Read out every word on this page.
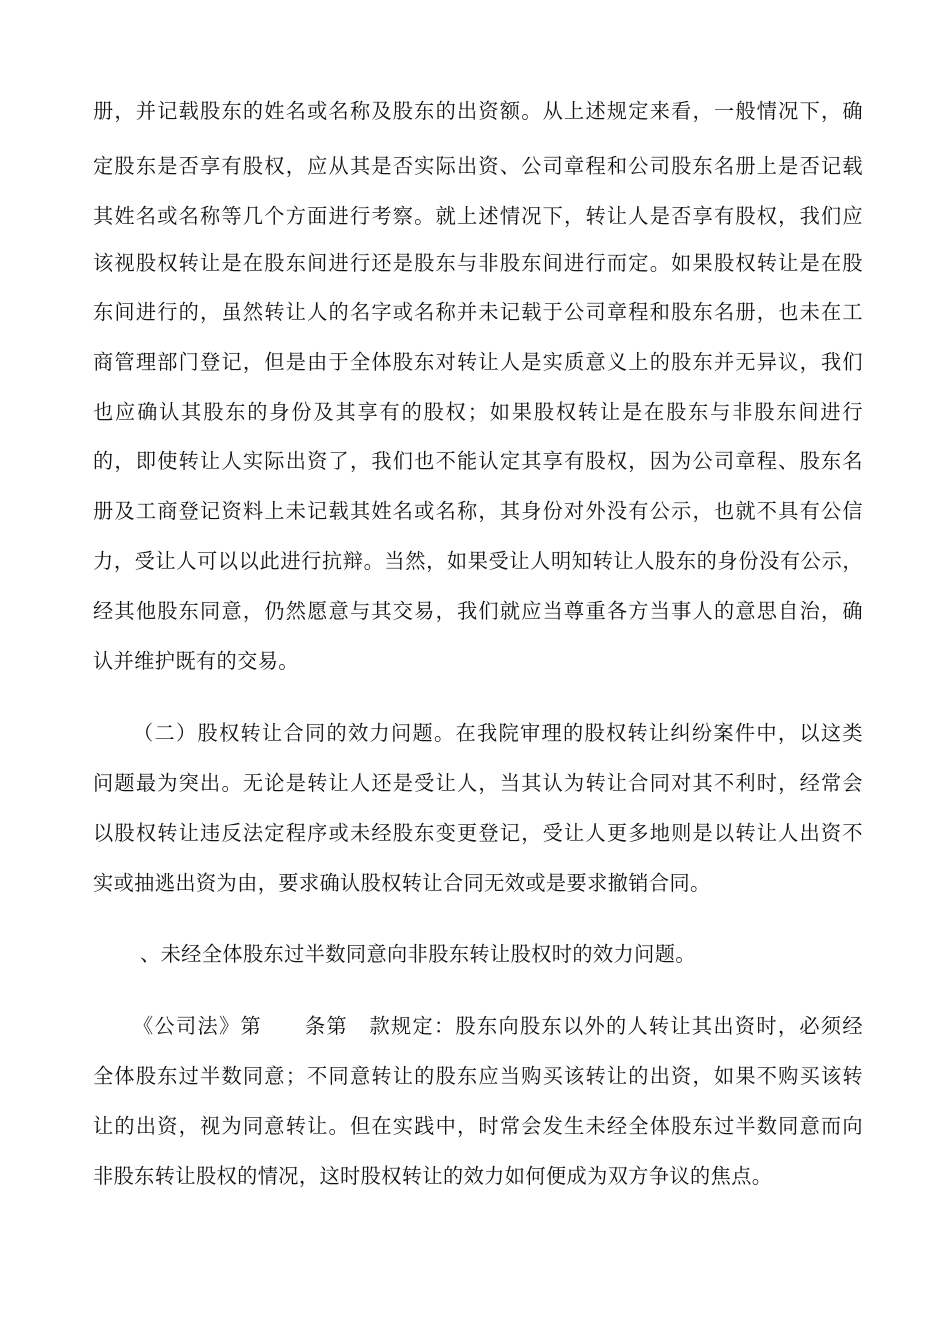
册，并记载股东的姓名或名称及股东的出资额。从上述规定来看，一般情况下，确
定股东是否享有股权，应从其是否实际出资、公司章程和公司股东名册上是否记载
其姓名或名称等几个方面进行考察。就上述情况下，转让人是否享有股权，我们应
该视股权转让是在股东间进行还是股东与非股东间进行而定。如果股权转让是在股
东间进行的，虽然转让人的名字或名称并未记载于公司章程和股东名册，也未在工
商管理部门登记，但是由于全体股东对转让人是实质意义上的股东并无异议，我们
也应确认其股东的身份及其享有的股权；如果股权转让是在股东与非股东间进行
的，即使转让人实际出资了，我们也不能认定其享有股权，因为公司章程、股东名
册及工商登记资料上未记载其姓名或名称，其身份对外没有公示，也就不具有公信
力，受让人可以以此进行抗辩。当然，如果受让人明知转让人股东的身份没有公示，
经其他股东同意，仍然愿意与其交易，我们就应当尊重各方当事人的意思自治，确
认并维护既有的交易。
（二）股权转让合同的效力问题。在我院审理的股权转让纠纷案件中，以这类
问题最为突出。无论是转让人还是受让人，当其认为转让合同对其不利时，经常会
以股权转让违反法定程序或未经股东变更登记，受让人更多地则是以转让人出资不
实或抽逃出资为由，要求确认股权转让合同无效或是要求撤销合同。
、未经全体股东过半数同意向非股东转让股权时的效力问题。
《公司法》第　　条第　款规定：股东向股东以外的人转让其出资时，必须经
全体股东过半数同意；不同意转让的股东应当购买该转让的出资，如果不购买该转
让的出资，视为同意转让。但在实践中，时常会发生未经全体股东过半数同意而向
非股东转让股权的情况，这时股权转让的效力如何便成为双方争议的焦点。
